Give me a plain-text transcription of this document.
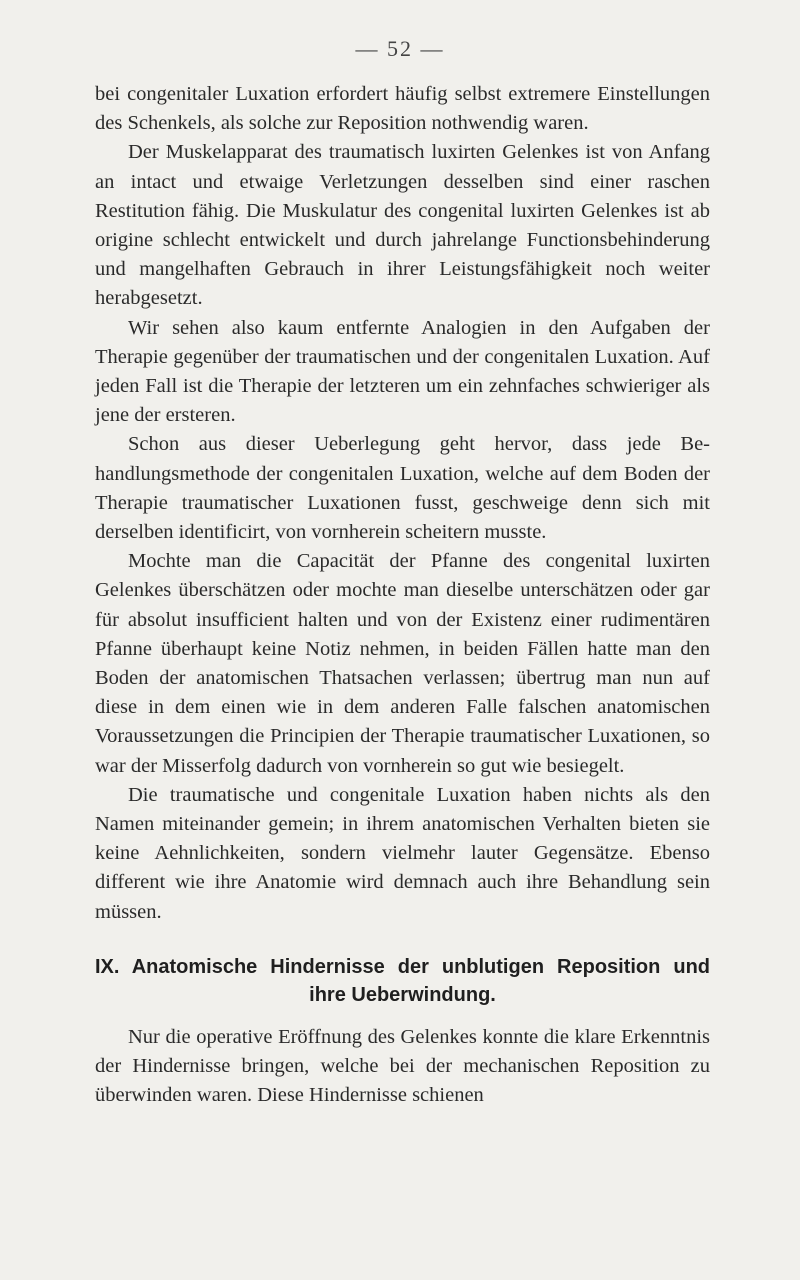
— 52 —

bei congenitaler Luxation erfordert häufig selbst extremere Einstellungen des Schenkels, als solche zur Reposition nothwendig waren.

Der Muskelapparat des traumatisch luxirten Gelenkes ist von Anfang an intact und etwaige Verletzungen desselben sind einer raschen Restitution fähig. Die Muskulatur des congenital luxirten Gelenkes ist ab origine schlecht entwickelt und durch jahrelange Functionsbehinderung und mangelhaften Gebrauch in ihrer Leistungsfähigkeit noch weiter herabgesetzt.

Wir sehen also kaum entfernte Analogien in den Aufgaben der Therapie gegenüber der traumatischen und der congenitalen Luxation. Auf jeden Fall ist die Therapie der letzteren um ein zehnfaches schwieriger als jene der ersteren.

Schon aus dieser Ueberlegung geht hervor, dass jede Behandlungsmethode der congenitalen Luxation, welche auf dem Boden der Therapie traumatischer Luxationen fusst, geschweige denn sich mit derselben identificirt, von vornherein scheitern musste.

Mochte man die Capacität der Pfanne des congenital luxirten Gelenkes überschätzen oder mochte man dieselbe unterschätzen oder gar für absolut insufficient halten und von der Existenz einer rudimentären Pfanne überhaupt keine Notiz nehmen, in beiden Fällen hatte man den Boden der anatomischen Thatsachen verlassen; übertrug man nun auf diese in dem einen wie in dem anderen Falle falschen anatomischen Voraussetzungen die Principien der Therapie traumatischer Luxationen, so war der Misserfolg dadurch von vornherein so gut wie besiegelt.

Die traumatische und congenitale Luxation haben nichts als den Namen miteinander gemein; in ihrem anatomischen Verhalten bieten sie keine Aehnlichkeiten, sondern vielmehr lauter Gegensätze. Ebenso different wie ihre Anatomie wird demnach auch ihre Behandlung sein müssen.

IX. Anatomische Hindernisse der unblutigen Reposition und
ihre Ueberwindung.

Nur die operative Eröffnung des Gelenkes konnte die klare Erkenntnis der Hindernisse bringen, welche bei der mechanischen Reposition zu überwinden waren. Diese Hindernisse schienen
